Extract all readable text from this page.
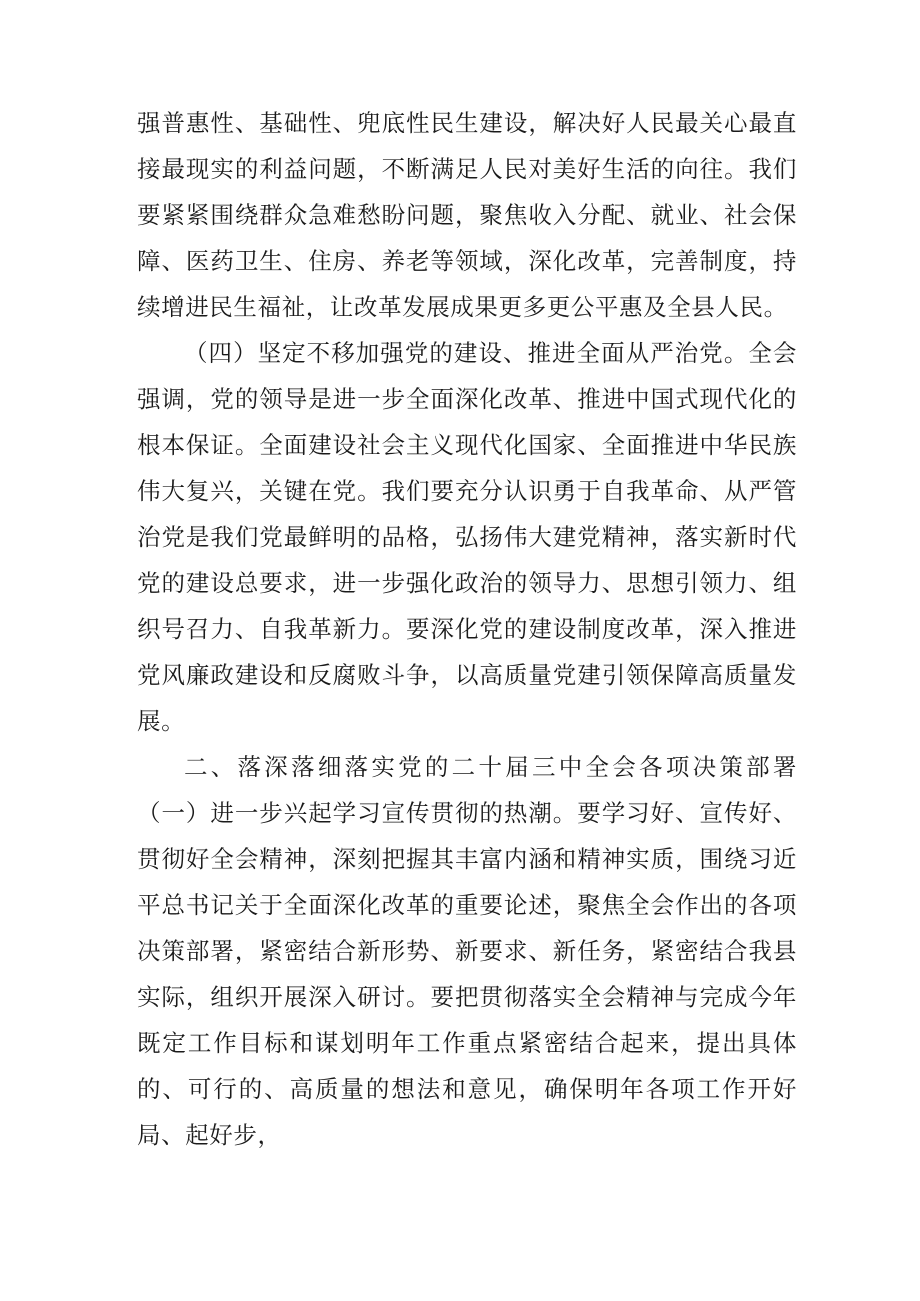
强普惠性、基础性、兜底性民生建设，解决好人民最关心最直接最现实的利益问题，不断满足人民对美好生活的向往。我们要紧紧围绕群众急难愁盼问题，聚焦收入分配、就业、社会保障、医药卫生、住房、养老等领域，深化改革，完善制度，持续增进民生福祉，让改革发展成果更多更公平惠及全县人民。

（四）坚定不移加强党的建设、推进全面从严治党。全会强调，党的领导是进一步全面深化改革、推进中国式现代化的根本保证。全面建设社会主义现代化国家、全面推进中华民族伟大复兴，关键在党。我们要充分认识勇于自我革命、从严管治党是我们党最鲜明的品格，弘扬伟大建党精神，落实新时代党的建设总要求，进一步强化政治的领导力、思想引领力、组织号召力、自我革新力。要深化党的建设制度改革，深入推进党风廉政建设和反腐败斗争，以高质量党建引领保障高质量发展。

二、落深落细落实党的二十届三中全会各项决策部署（一）进一步兴起学习宣传贯彻的热潮。要学习好、宣传好、贯彻好全会精神，深刻把握其丰富内涵和精神实质，围绕习近平总书记关于全面深化改革的重要论述，聚焦全会作出的各项决策部署，紧密结合新形势、新要求、新任务，紧密结合我县实际，组织开展深入研讨。要把贯彻落实全会精神与完成今年既定工作目标和谋划明年工作重点紧密结合起来，提出具体的、可行的、高质量的想法和意见，确保明年各项工作开好局、起好步，
